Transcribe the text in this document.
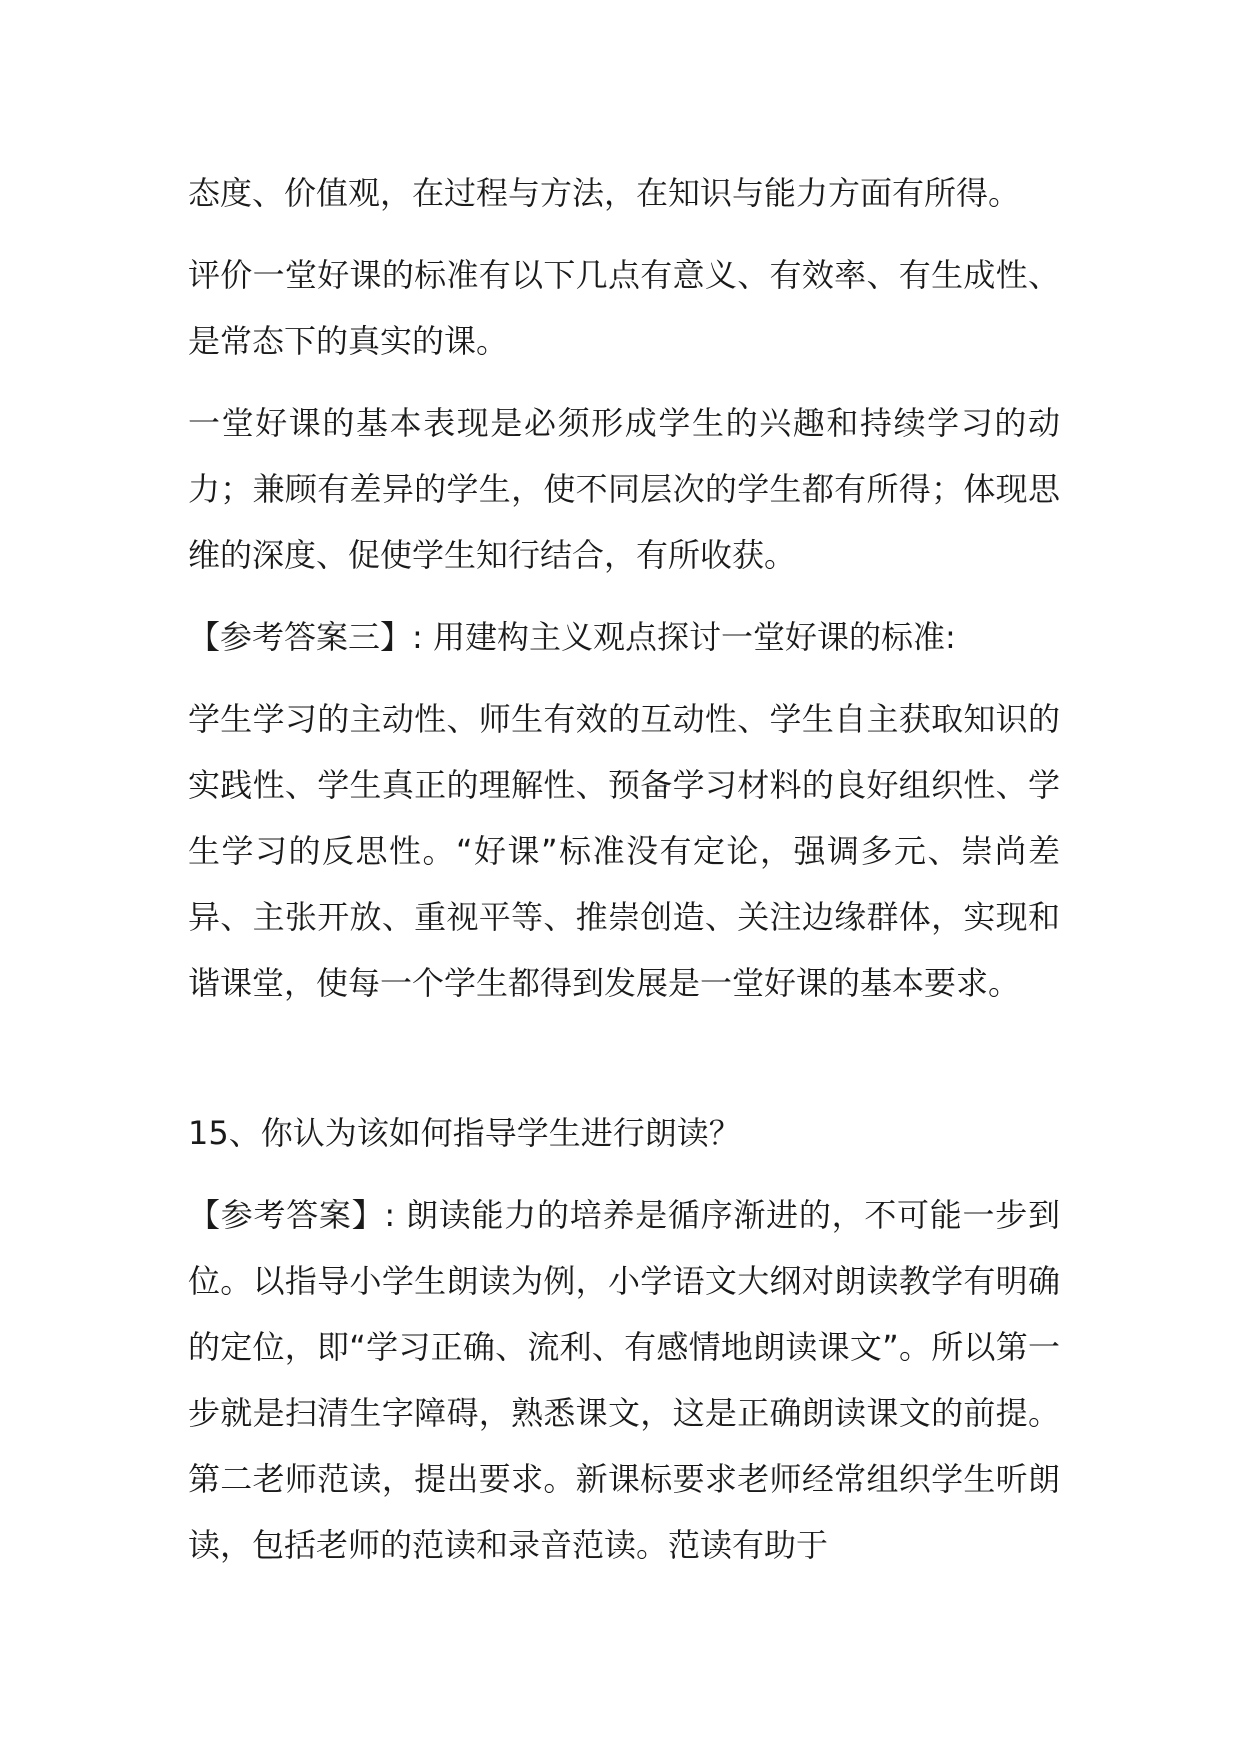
态度、价值观，在过程与方法，在知识与能力方面有所得。

评价一堂好课的标准有以下几点有意义、有效率、有生成性、是常态下的真实的课。

一堂好课的基本表现是必须形成学生的兴趣和持续学习的动力；兼顾有差异的学生，使不同层次的学生都有所得；体现思维的深度、促使学生知行结合，有所收获。

【参考答案三】: 用建构主义观点探讨一堂好课的标准:

学生学习的主动性、师生有效的互动性、学生自主获取知识的实践性、学生真正的理解性、预备学习材料的良好组织性、学生学习的反思性。“好课”标准没有定论，强调多元、崇尚差异、主张开放、重视平等、推崇创造、关注边缘群体，实现和谐课堂，使每一个学生都得到发展是一堂好课的基本要求。

15、你认为该如何指导学生进行朗读？

【参考答案】: 朗读能力的培养是循序渐进的，不可能一步到位。以指导小学生朗读为例，小学语文大纲对朗读教学有明确的定位，即“学习正确、流利、有感情地朗读课文”。所以第一步就是扫清生字障碍，熟悉课文，这是正确朗读课文的前提。第二老师范读，提出要求。新课标要求老师经常组织学生听朗读，包括老师的范读和录音范读。范读有助于
